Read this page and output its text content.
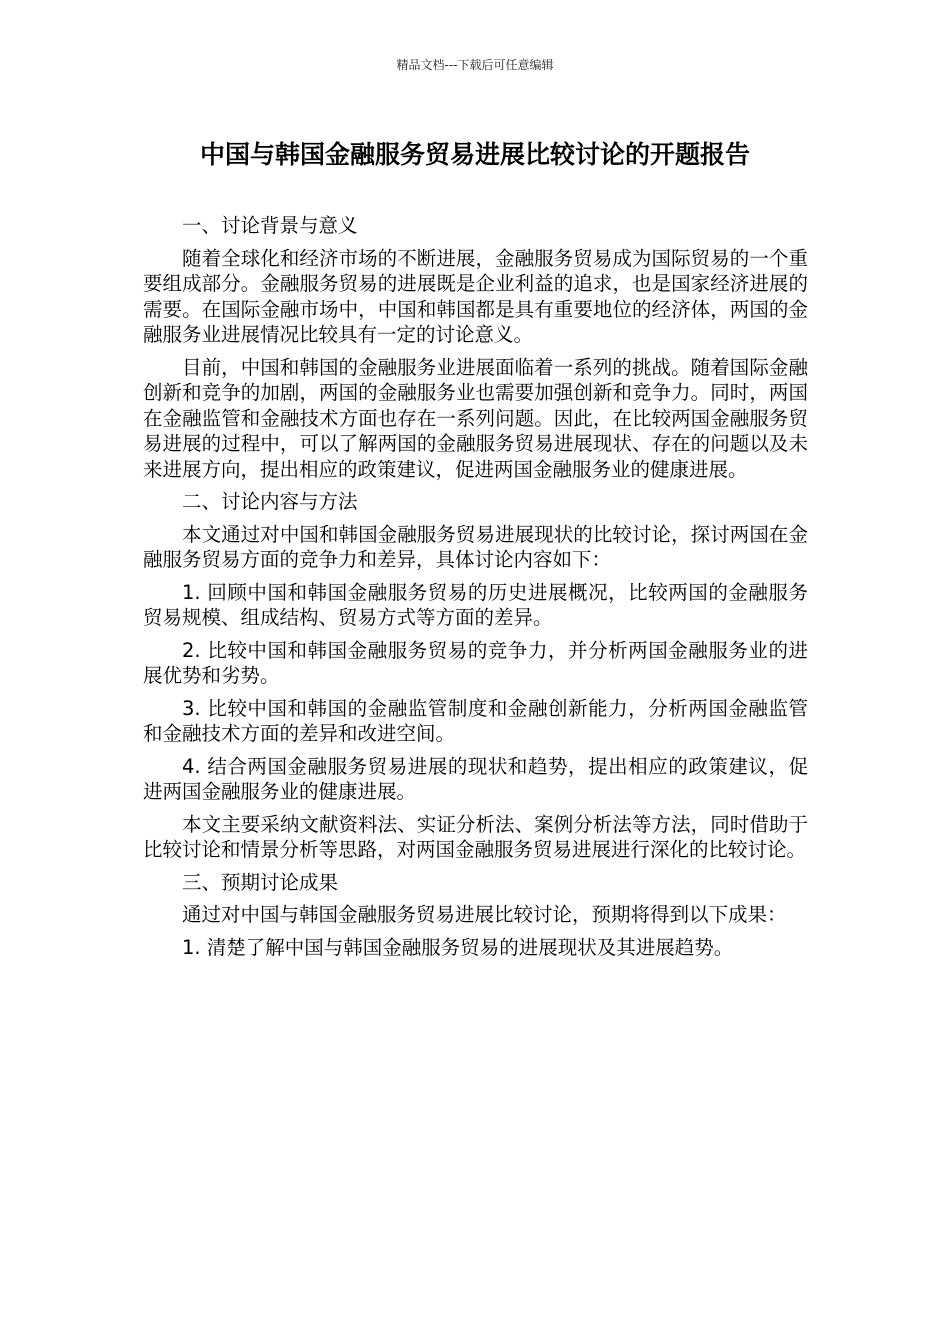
精品文档---下载后可任意编辑
中国与韩国金融服务贸易进展比较讨论的开题报告

一、讨论背景与意义

随着全球化和经济市场的不断进展，金融服务贸易成为国际贸易的一个重要组成部分。金融服务贸易的进展既是企业利益的追求，也是国家经济进展的需要。在国际金融市场中，中国和韩国都是具有重要地位的经济体，两国的金融服务业进展情况比较具有一定的讨论意义。

目前，中国和韩国的金融服务业进展面临着一系列的挑战。随着国际金融创新和竞争的加剧，两国的金融服务业也需要加强创新和竞争力。同时，两国在金融监管和金融技术方面也存在一系列问题。因此，在比较两国金融服务贸易进展的过程中，可以了解两国的金融服务贸易进展现状、存在的问题以及未来进展方向，提出相应的政策建议，促进两国金融服务业的健康进展。

二、讨论内容与方法

本文通过对中国和韩国金融服务贸易进展现状的比较讨论，探讨两国在金融服务贸易方面的竞争力和差异，具体讨论内容如下：

1. 回顾中国和韩国金融服务贸易的历史进展概况，比较两国的金融服务贸易规模、组成结构、贸易方式等方面的差异。

2. 比较中国和韩国金融服务贸易的竞争力，并分析两国金融服务业的进展优势和劣势。

3. 比较中国和韩国的金融监管制度和金融创新能力，分析两国金融监管和金融技术方面的差异和改进空间。

4. 结合两国金融服务贸易进展的现状和趋势，提出相应的政策建议，促进两国金融服务业的健康进展。

本文主要采纳文献资料法、实证分析法、案例分析法等方法，同时借助于比较讨论和情景分析等思路，对两国金融服务贸易进展进行深化的比较讨论。

三、预期讨论成果

通过对中国与韩国金融服务贸易进展比较讨论，预期将得到以下成果：

1. 清楚了解中国与韩国金融服务贸易的进展现状及其进展趋势。
